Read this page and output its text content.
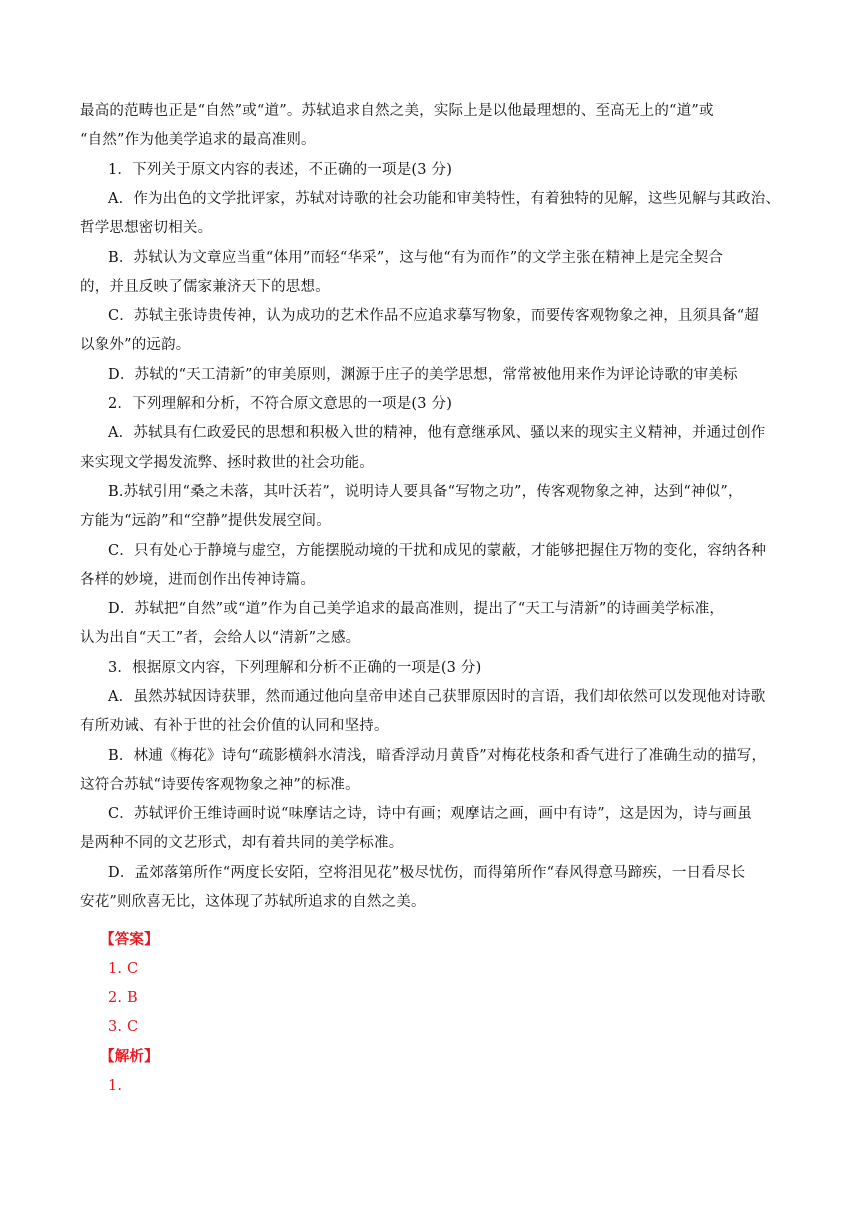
最高的范畴也正是“自然”或“道”。苏轼追求自然之美，实际上是以他最理想的、至高无上的“道”或
“自然”作为他美学追求的最高准则。
1．下列关于原文内容的表述，不正确的一项是(3 分)
A．作为出色的文学批评家，苏轼对诗歌的社会功能和审美特性，有着独特的见解，这些见解与其政治、
哲学思想密切相关。
B．苏轼认为文章应当重“体用”而轻“华采”，这与他“有为而作”的文学主张在精神上是完全契合
的，并且反映了儒家兼济天下的思想。
C．苏轼主张诗贵传神，认为成功的艺术作品不应追求摹写物象，而要传客观物象之神，且须具备“超
以象外”的远韵。
D．苏轼的“天工清新”的审美原则，渊源于庄子的美学思想，常常被他用来作为评论诗歌的审美标
2．下列理解和分析，不符合原文意思的一项是(3 分)
A．苏轼具有仁政爱民的思想和积极入世的精神，他有意继承风、骚以来的现实主义精神，并通过创作
来实现文学揭发流弊、拯时救世的社会功能。
B.苏轼引用“桑之未落，其叶沃若”，说明诗人要具备“写物之功”，传客观物象之神，达到“神似”，
方能为“远韵”和“空静”提供发展空间。
C．只有处心于静境与虚空，方能摆脱动境的干扰和成见的蒙蔽，才能够把握住万物的变化，容纳各种
各样的妙境，进而创作出传神诗篇。
D．苏轼把“自然”或“道”作为自己美学追求的最高准则，提出了“天工与清新”的诗画美学标准，
认为出自“天工”者，会给人以“清新”之感。
3．根据原文内容，下列理解和分析不正确的一项是(3 分)
A．虽然苏轼因诗获罪，然而通过他向皇帝申述自己获罪原因时的言语，我们却依然可以发现他对诗歌
有所劝诫、有补于世的社会价值的认同和坚持。
B．林逋《梅花》诗句“疏影横斜水清浅，暗香浮动月黄昏”对梅花枝条和香气进行了准确生动的描写，
这符合苏轼“诗要传客观物象之神”的标准。
C．苏轼评价王维诗画时说“味摩诘之诗，诗中有画；观摩诘之画，画中有诗”，这是因为，诗与画虽
是两种不同的文艺形式，却有着共同的美学标准。
D．孟郊落第所作“两度长安陌，空将泪见花”极尽忧伤，而得第所作“春风得意马蹄疾，一日看尽长
安花”则欣喜无比，这体现了苏轼所追求的自然之美。
【答案】
1. C
2. B
3. C
【解析】
1.
